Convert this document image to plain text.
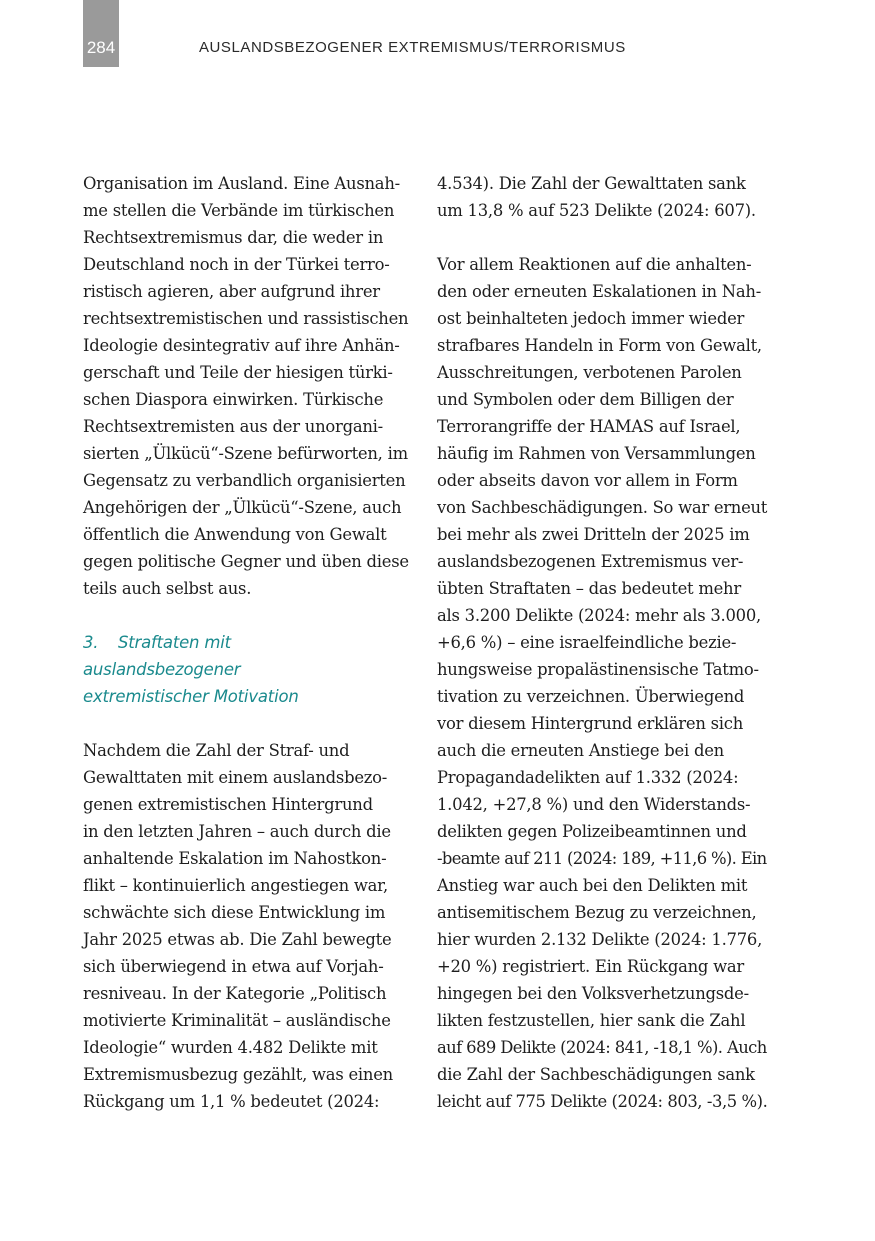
284	AUSLANDSBEZOGENER EXTREMISMUS/TERRORISMUS
Organisation im Ausland. Eine Ausnah-
me stellen die Verbände im türkischen
Rechtsextremismus dar, die weder in
Deutschland noch in der Türkei terro-
ristisch agieren, aber aufgrund ihrer
rechtsextremistischen und rassistischen
Ideologie desintegrativ auf ihre Anhän-
gerschaft und Teile der hiesigen türki-
schen Diaspora einwirken. Türkische
Rechtsextremisten aus der unorgani-
sierten „Ülkücü“-Szene befürworten, im
Gegensatz zu verbandlich organisierten
Angehörigen der „Ülkücü“-Szene, auch
öffentlich die Anwendung von Gewalt
gegen politische Gegner und üben diese
teils auch selbst aus.
3. Straftaten mit
auslandsbezogener
extremistischer Motivation
Nachdem die Zahl der Straf- und
Gewalttaten mit einem auslandsbezo-
genen extremistischen Hintergrund
in den letzten Jahren – auch durch die
anhaltende Eskalation im Nahostkon-
flikt – kontinuierlich angestiegen war,
schwächte sich diese Entwicklung im
Jahr 2025 etwas ab. Die Zahl bewegte
sich überwiegend in etwa auf Vorjah-
resniveau. In der Kategorie „Politisch
motivierte Kriminalität – ausländische
Ideologie“ wurden 4.482 Delikte mit
Extremismusbezug gezählt, was einen
Rückgang um 1,1 % bedeutet (2024:
4.534). Die Zahl der Gewalttaten sank
um 13,8 % auf 523 Delikte (2024: 607).
Vor allem Reaktionen auf die anhalten-
den oder erneuten Eskalationen in Nah-
ost beinhalteten jedoch immer wieder
strafbares Handeln in Form von Gewalt,
Ausschreitungen, verbotenen Parolen
und Symbolen oder dem Billigen der
Terrorangriffe der HAMAS auf Israel,
häufig im Rahmen von Versammlungen
oder abseits davon vor allem in Form
von Sachbeschädigungen. So war erneut
bei mehr als zwei Dritteln der 2025 im
auslandsbezogenen Extremismus ver-
übten Straftaten – das bedeutet mehr
als 3.200 Delikte (2024: mehr als 3.000,
+6,6 %) – eine israelfeindliche bezie-
hungsweise propalästinensische Tatmo-
tivation zu verzeichnen. Überwiegend
vor diesem Hintergrund erklären sich
auch die erneuten Anstiege bei den
Propagandadelikten auf 1.332 (2024:
1.042, +27,8 %) und den Widerstands-
delikten gegen Polizeibeamtinnen und
-beamte auf 211 (2024: 189, +11,6 %). Ein
Anstieg war auch bei den Delikten mit
antisemitischem Bezug zu verzeichnen,
hier wurden 2.132 Delikte (2024: 1.776,
+20 %) registriert. Ein Rückgang war
hingegen bei den Volksverhetzungsde-
likten festzustellen, hier sank die Zahl
auf 689 Delikte (2024: 841, -18,1 %). Auch
die Zahl der Sachbeschädigungen sank
leicht auf 775 Delikte (2024: 803, -3,5 %).
